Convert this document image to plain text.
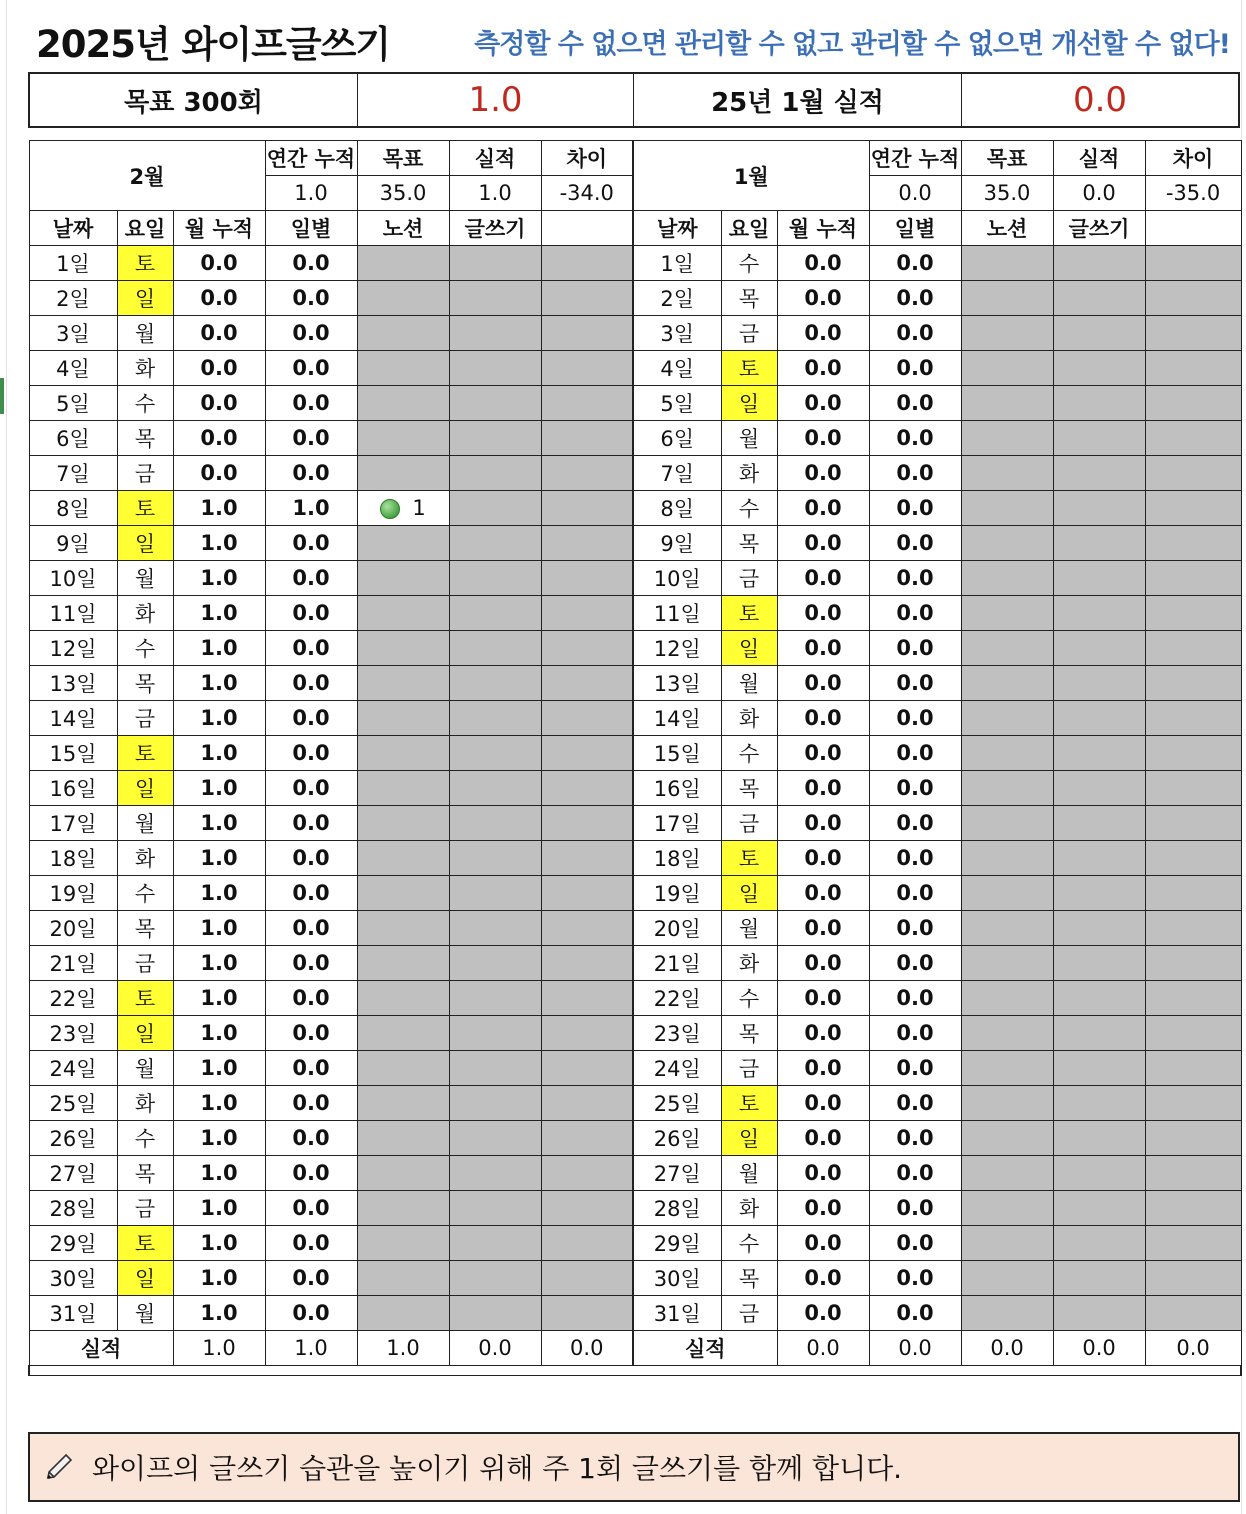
2025년 와이프글쓰기	측정할 수 없으면 관리할 수 없고 관리할 수 없으면 개선할 수 없다!
목표 300회	1.0	25년 1월 실적	0.0
2월			연간 누적	목표	실적	차이	1월			연간 누적	목표	실적	차이
			1.0	35.0	1.0	-34.0				0.0	35.0	0.0	-35.0
날짜	요일	월 누적	일별	노션	글쓰기		날짜	요일	월 누적	일별	노션	글쓰기	
1일	토	0.0	0.0				1일	수	0.0	0.0			
2일	일	0.0	0.0				2일	목	0.0	0.0			
3일	월	0.0	0.0				3일	금	0.0	0.0			
4일	화	0.0	0.0				4일	토	0.0	0.0			
5일	수	0.0	0.0				5일	일	0.0	0.0			
6일	목	0.0	0.0				6일	월	0.0	0.0			
7일	금	0.0	0.0				7일	화	0.0	0.0			
8일	토	1.0	1.0	1			8일	수	0.0	0.0			
9일	일	1.0	0.0				9일	목	0.0	0.0			
10일	월	1.0	0.0				10일	금	0.0	0.0			
11일	화	1.0	0.0				11일	토	0.0	0.0			
12일	수	1.0	0.0				12일	일	0.0	0.0			
13일	목	1.0	0.0				13일	월	0.0	0.0			
14일	금	1.0	0.0				14일	화	0.0	0.0			
15일	토	1.0	0.0				15일	수	0.0	0.0			
16일	일	1.0	0.0				16일	목	0.0	0.0			
17일	월	1.0	0.0				17일	금	0.0	0.0			
18일	화	1.0	0.0				18일	토	0.0	0.0			
19일	수	1.0	0.0				19일	일	0.0	0.0			
20일	목	1.0	0.0				20일	월	0.0	0.0			
21일	금	1.0	0.0				21일	화	0.0	0.0			
22일	토	1.0	0.0				22일	수	0.0	0.0			
23일	일	1.0	0.0				23일	목	0.0	0.0			
24일	월	1.0	0.0				24일	금	0.0	0.0			
25일	화	1.0	0.0				25일	토	0.0	0.0			
26일	수	1.0	0.0				26일	일	0.0	0.0			
27일	목	1.0	0.0				27일	월	0.0	0.0			
28일	금	1.0	0.0				28일	화	0.0	0.0			
29일	토	1.0	0.0				29일	수	0.0	0.0			
30일	일	1.0	0.0				30일	목	0.0	0.0			
31일	월	1.0	0.0				31일	금	0.0	0.0			
실적		1.0	1.0	1.0	0.0	0.0	실적		0.0	0.0	0.0	0.0	0.0

와이프의 글쓰기 습관을 높이기 위해 주 1회 글쓰기를 함께 합니다.
